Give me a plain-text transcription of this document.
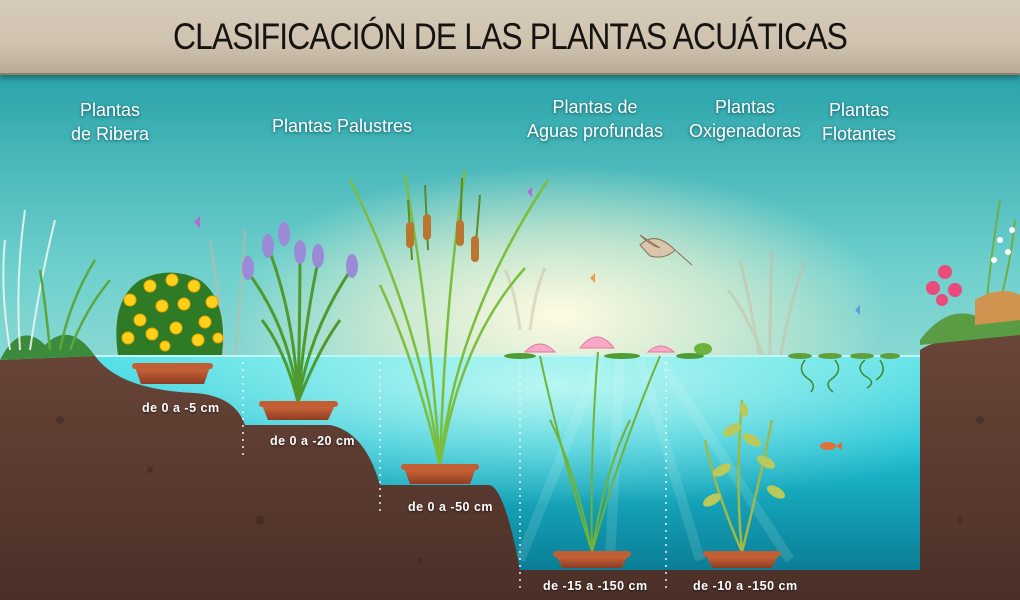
CLASIFICACIÓN DE LAS PLANTAS ACUÁTICAS
Plantas
de Ribera	Plantas Palustres
Plantas de
Aguas profundas
Plantas
Oxigenadoras
Plantas
Flotantes
de 0 a -5 cm
de 0 a -20 cm
de 0 a -50 cm
de -15 a -150 cm	de -10 a -150 cm
